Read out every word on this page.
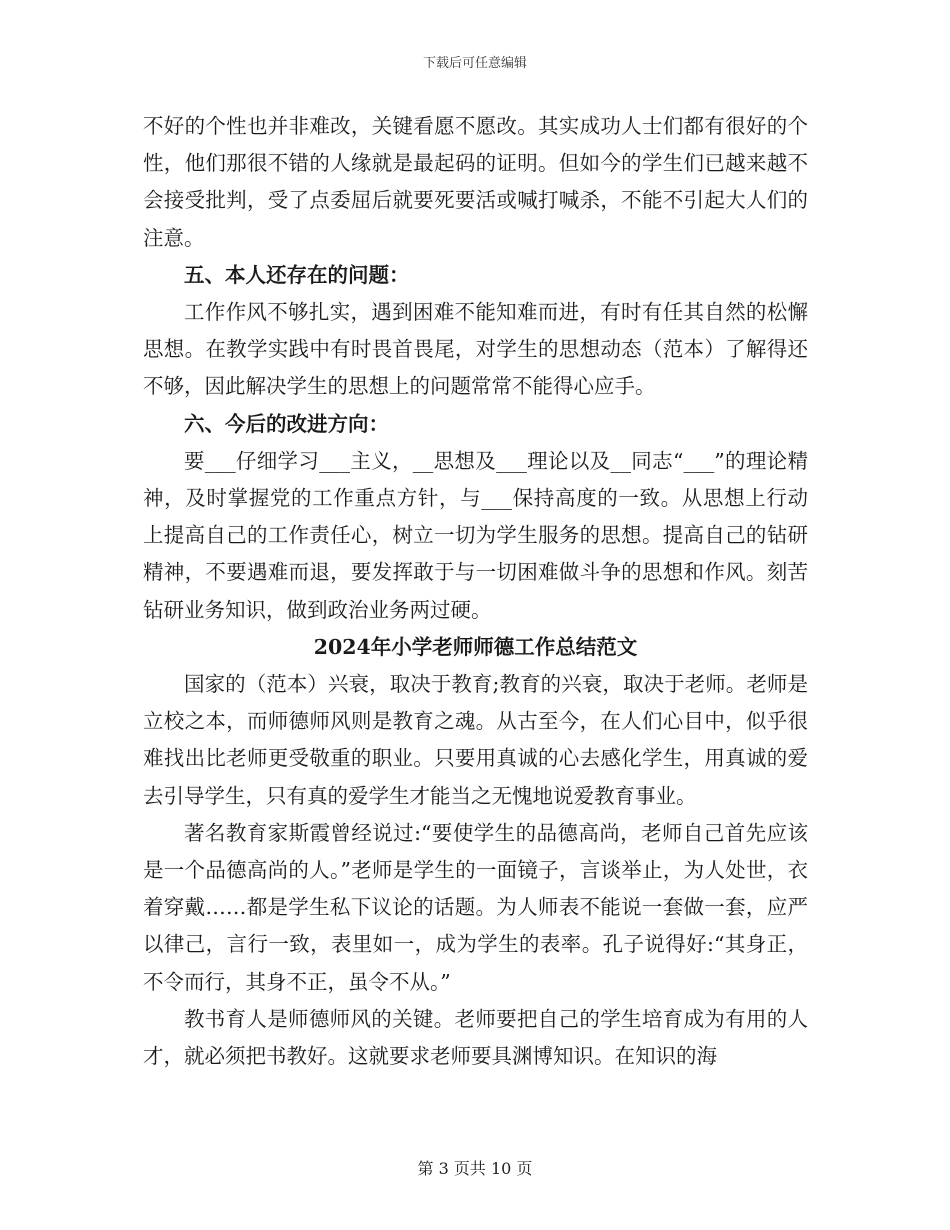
下载后可任意编辑

不好的个性也并非难改，关键看愿不愿改。其实成功人士们都有很好的个性，他们那很不错的人缘就是最起码的证明。但如今的学生们已越来越不会接受批判，受了点委屈后就要死要活或喊打喊杀，不能不引起大人们的注意。

五、本人还存在的问题：

工作作风不够扎实，遇到困难不能知难而进，有时有任其自然的松懈思想。在教学实践中有时畏首畏尾，对学生的思想动态（范本）了解得还不够，因此解决学生的思想上的问题常常不能得心应手。

六、今后的改进方向：

要___仔细学习___主义，__思想及___理论以及__同志“___”的理论精神，及时掌握党的工作重点方针，与___保持高度的一致。从思想上行动上提高自己的工作责任心，树立一切为学生服务的思想。提高自己的钻研精神，不要遇难而退，要发挥敢于与一切困难做斗争的思想和作风。刻苦钻研业务知识，做到政治业务两过硬。

2024年小学老师师德工作总结范文

国家的（范本）兴衰，取决于教育;教育的兴衰，取决于老师。老师是立校之本，而师德师风则是教育之魂。从古至今，在人们心目中，似乎很难找出比老师更受敬重的职业。只要用真诚的心去感化学生，用真诚的爱去引导学生，只有真的爱学生才能当之无愧地说爱教育事业。

著名教育家斯霞曾经说过:“要使学生的品德高尚，老师自己首先应该是一个品德高尚的人。”老师是学生的一面镜子，言谈举止，为人处世，衣着穿戴……都是学生私下议论的话题。为人师表不能说一套做一套，应严以律己，言行一致，表里如一，成为学生的表率。孔子说得好:“其身正，不令而行，其身不正，虽令不从。”

教书育人是师德师风的关键。老师要把自己的学生培育成为有用的人才，就必须把书教好。这就要求老师要具渊博知识。在知识的海

第 3 页共 10 页
